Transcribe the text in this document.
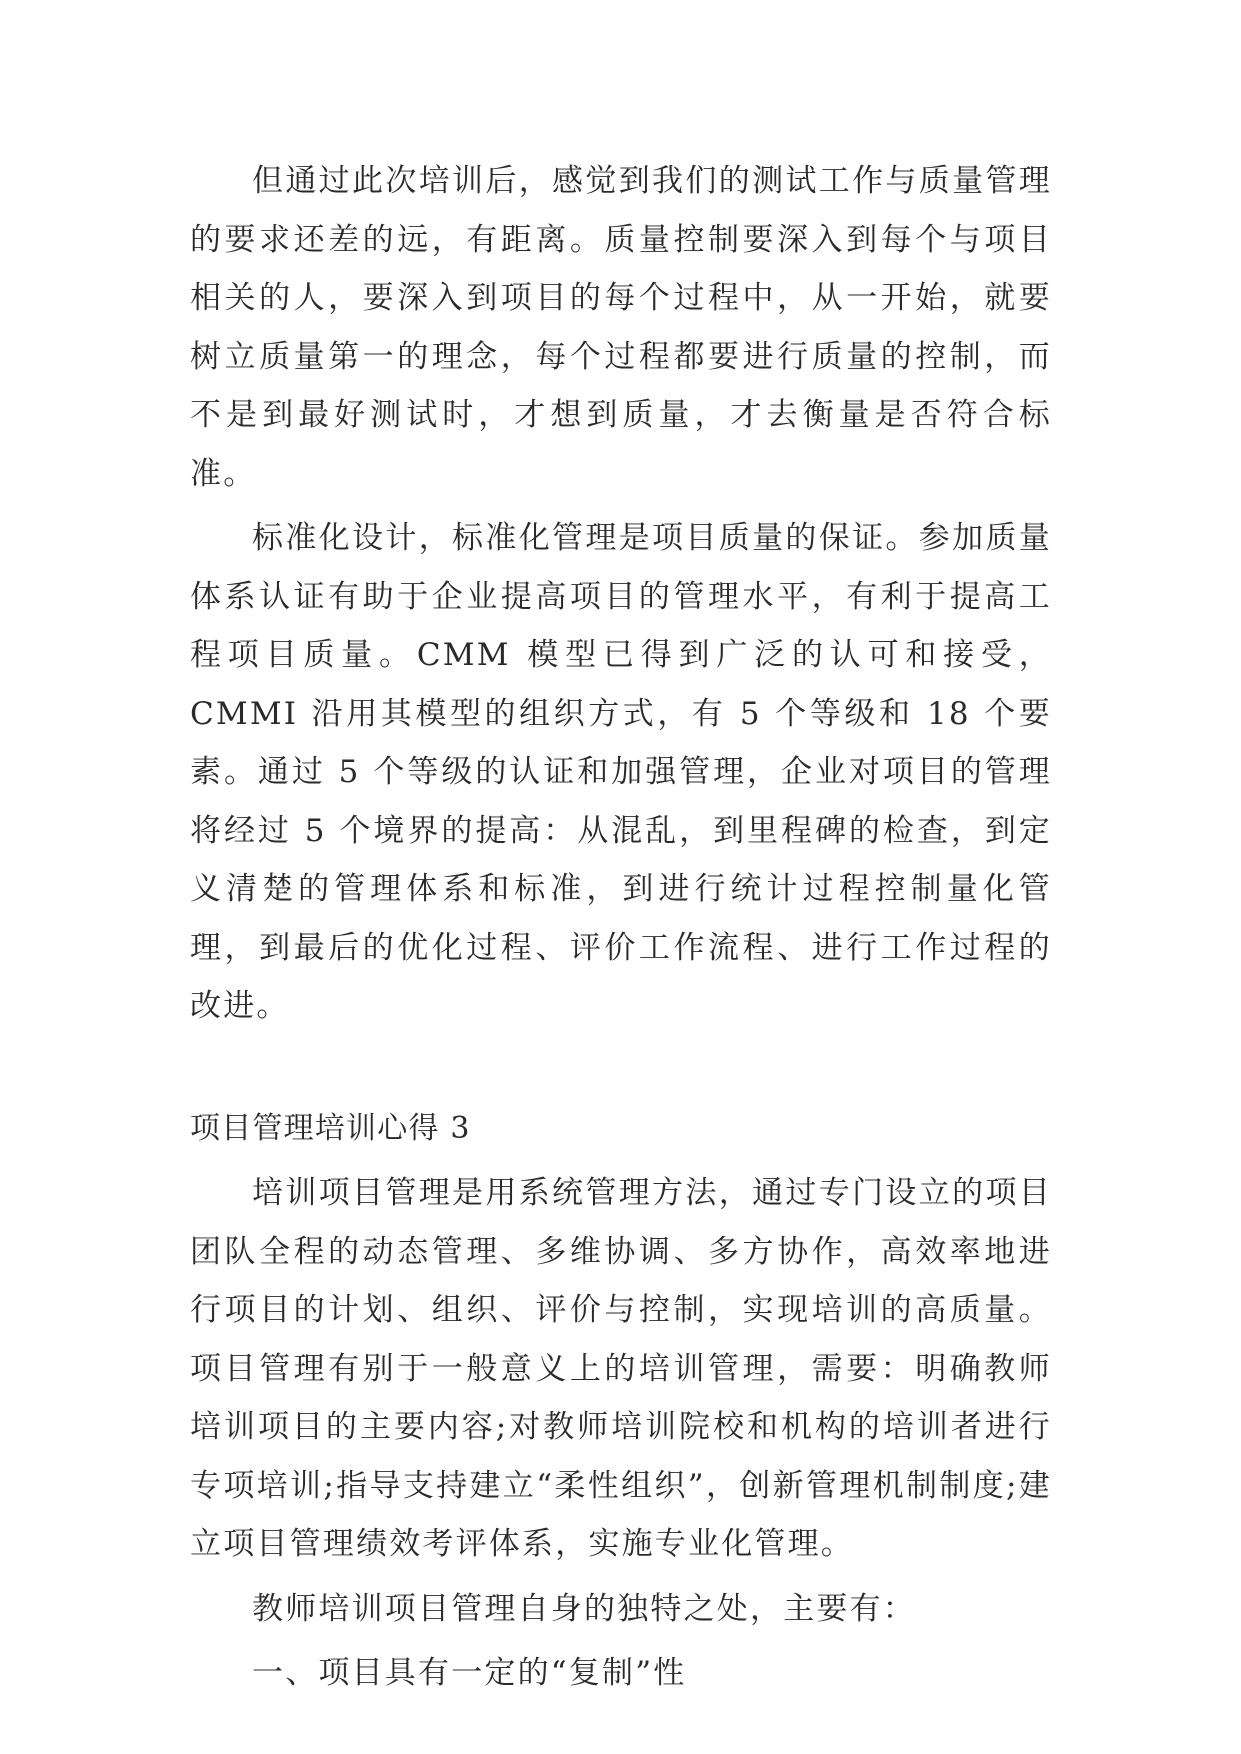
但通过此次培训后，感觉到我们的测试工作与质量管理的要求还差的远，有距离。质量控制要深入到每个与项目相关的人，要深入到项目的每个过程中，从一开始，就要树立质量第一的理念，每个过程都要进行质量的控制，而不是到最好测试时，才想到质量，才去衡量是否符合标准。

标准化设计，标准化管理是项目质量的保证。参加质量体系认证有助于企业提高项目的管理水平，有利于提高工程项目质量。CMM 模型已得到广泛的认可和接受，CMMI 沿用其模型的组织方式，有 5 个等级和 18 个要素。通过 5 个等级的认证和加强管理，企业对项目的管理将经过 5 个境界的提高：从混乱，到里程碑的检查，到定义清楚的管理体系和标准，到进行统计过程控制量化管理，到最后的优化过程、评价工作流程、进行工作过程的改进。

项目管理培训心得 3

培训项目管理是用系统管理方法，通过专门设立的项目团队全程的动态管理、多维协调、多方协作，高效率地进行项目的计划、组织、评价与控制，实现培训的高质量。项目管理有别于一般意义上的培训管理，需要：明确教师培训项目的主要内容;对教师培训院校和机构的培训者进行专项培训;指导支持建立“柔性组织”，创新管理机制制度;建立项目管理绩效考评体系，实施专业化管理。

教师培训项目管理自身的独特之处，主要有：

一、项目具有一定的“复制”性
